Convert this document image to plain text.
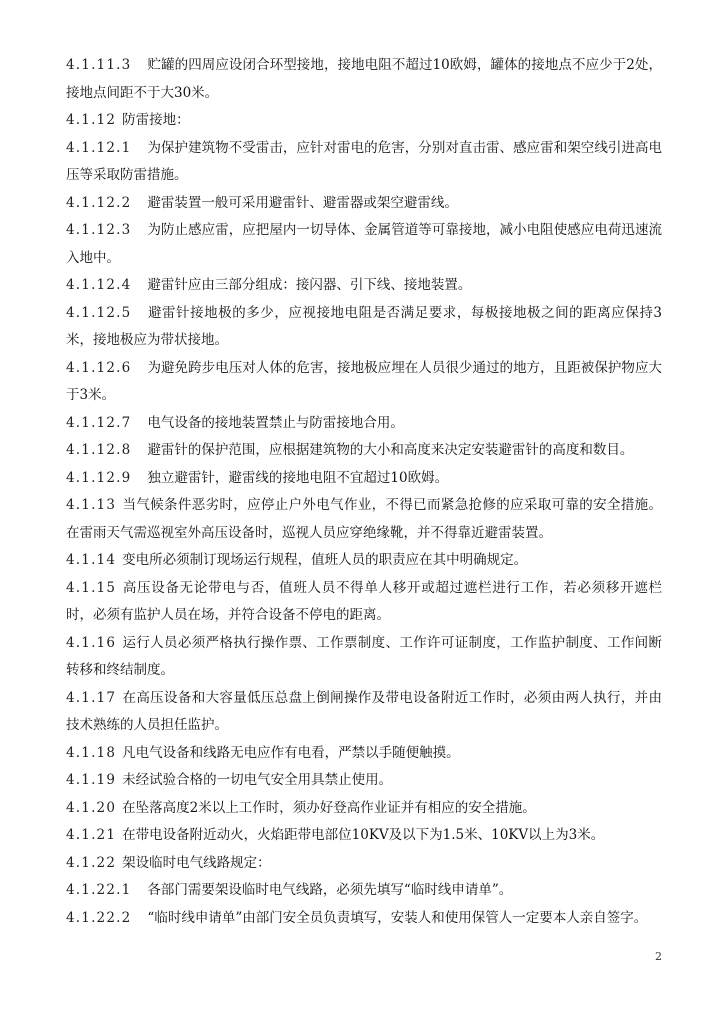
4.1.11.3 贮罐的四周应设闭合环型接地，接地电阻不超过10欧姆，罐体的接地点不应少于2处，接地点间距不于大30米。

4.1.12 防雷接地：

4.1.12.1 为保护建筑物不受雷击，应针对雷电的危害，分别对直击雷、感应雷和架空线引进高电压等采取防雷措施。

4.1.12.2 避雷装置一般可采用避雷针、避雷器或架空避雷线。

4.1.12.3 为防止感应雷，应把屋内一切导体、金属管道等可靠接地，减小电阻使感应电荷迅速流入地中。

4.1.12.4 避雷针应由三部分组成：接闪器、引下线、接地装置。

4.1.12.5 避雷针接地极的多少，应视接地电阻是否满足要求，每极接地极之间的距离应保持3米，接地极应为带状接地。

4.1.12.6 为避免跨步电压对人体的危害，接地极应埋在人员很少通过的地方，且距被保护物应大于3米。

4.1.12.7 电气设备的接地装置禁止与防雷接地合用。

4.1.12.8 避雷针的保护范围，应根据建筑物的大小和高度来决定安装避雷针的高度和数目。

4.1.12.9 独立避雷针，避雷线的接地电阻不宜超过10欧姆。

4.1.13 当气候条件恶劣时，应停止户外电气作业，不得已而紧急抢修的应采取可靠的安全措施。在雷雨天气需巡视室外高压设备时，巡视人员应穿绝缘靴，并不得靠近避雷装置。

4.1.14 变电所必须制订现场运行规程，值班人员的职责应在其中明确规定。

4.1.15 高压设备无论带电与否，值班人员不得单人移开或超过遮栏进行工作，若必须移开遮栏时，必须有监护人员在场，并符合设备不停电的距离。

4.1.16 运行人员必须严格执行操作票、工作票制度、工作许可证制度，工作监护制度、工作间断转移和终结制度。

4.1.17 在高压设备和大容量低压总盘上倒闸操作及带电设备附近工作时，必须由两人执行，并由技术熟练的人员担任监护。

4.1.18 凡电气设备和线路无电应作有电看，严禁以手随便触摸。

4.1.19 未经试验合格的一切电气安全用具禁止使用。

4.1.20 在坠落高度2米以上工作时，须办好登高作业证并有相应的安全措施。

4.1.21 在带电设备附近动火，火焰距带电部位10KV及以下为1.5米、10KV以上为3米。

4.1.22 架设临时电气线路规定：

4.1.22.1 各部门需要架设临时电气线路，必须先填写“临时线申请单”。

4.1.22.2 “临时线申请单”由部门安全员负责填写，安装人和使用保管人一定要本人亲自签字。

2
